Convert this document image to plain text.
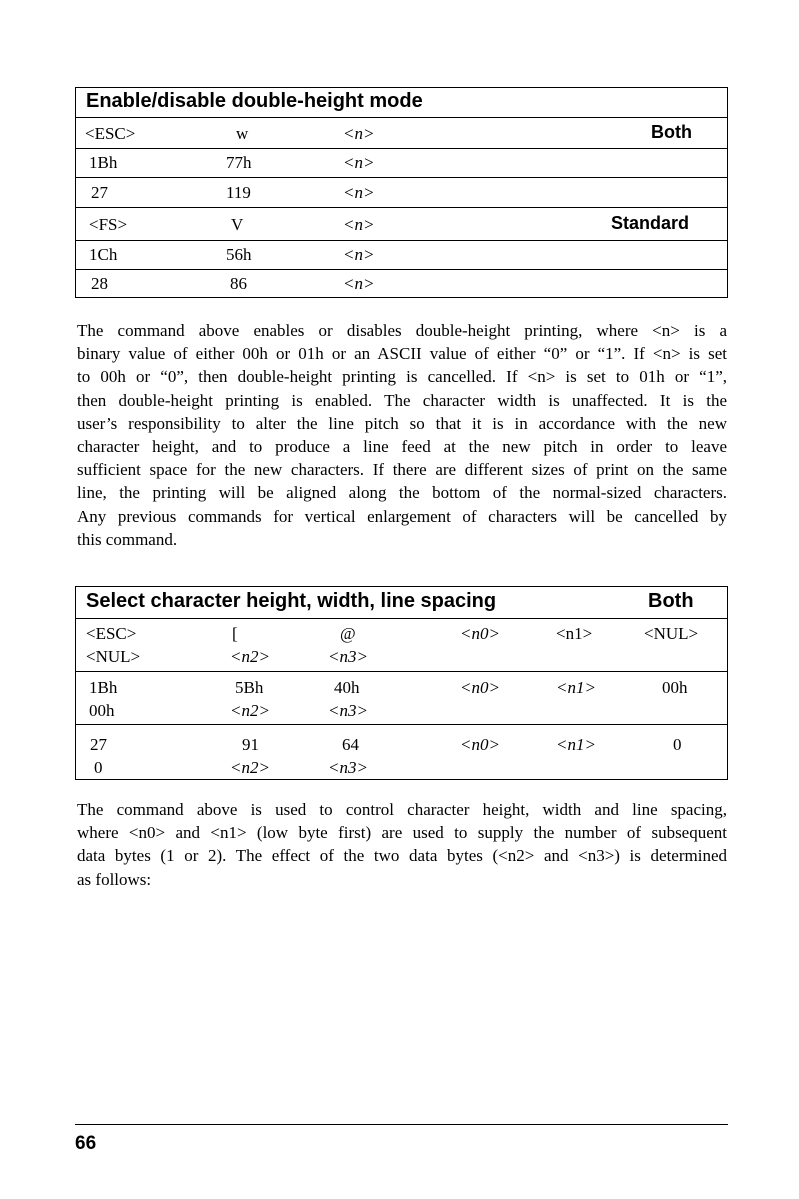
Enable/disable double-height mode
<ESC>	w	<n>	Both
1Bh	77h	<n>
27	119	<n>
<FS>	V	<n>	Standard
1Ch	56h	<n>
28	86	<n>
The command above enables or disables double-height printing, where <n> is a
binary value of either 00h or 01h or an ASCII value of either “0” or “1”. If <n> is set
to 00h or “0”, then double-height printing is cancelled. If <n> is set to 01h or “1”,
then double-height printing is enabled. The character width is unaffected. It is the
user’s responsibility to alter the line pitch so that it is in accordance with the new
character height, and to produce a line feed at the new pitch in order to leave
sufficient space for the new characters. If there are different sizes of print on the same
line, the printing will be aligned along the bottom of the normal-sized characters.
Any previous commands for vertical enlargement of characters will be cancelled by
this command.
Select character height, width, line spacing	Both
<ESC>	[	@	<n0>	<n1>	<NUL>
<NUL>	<n2>	<n3>
1Bh	5Bh	40h	<n0>	<n1>	00h
00h	<n2>	<n3>
27	91	64	<n0>	<n1>	0
0	<n2>	<n3>
The command above is used to control character height, width and line spacing,
where <n0> and <n1> (low byte first) are used to supply the number of subsequent
data bytes (1 or 2). The effect of the two data bytes (<n2> and <n3>) is determined
as follows:
66
